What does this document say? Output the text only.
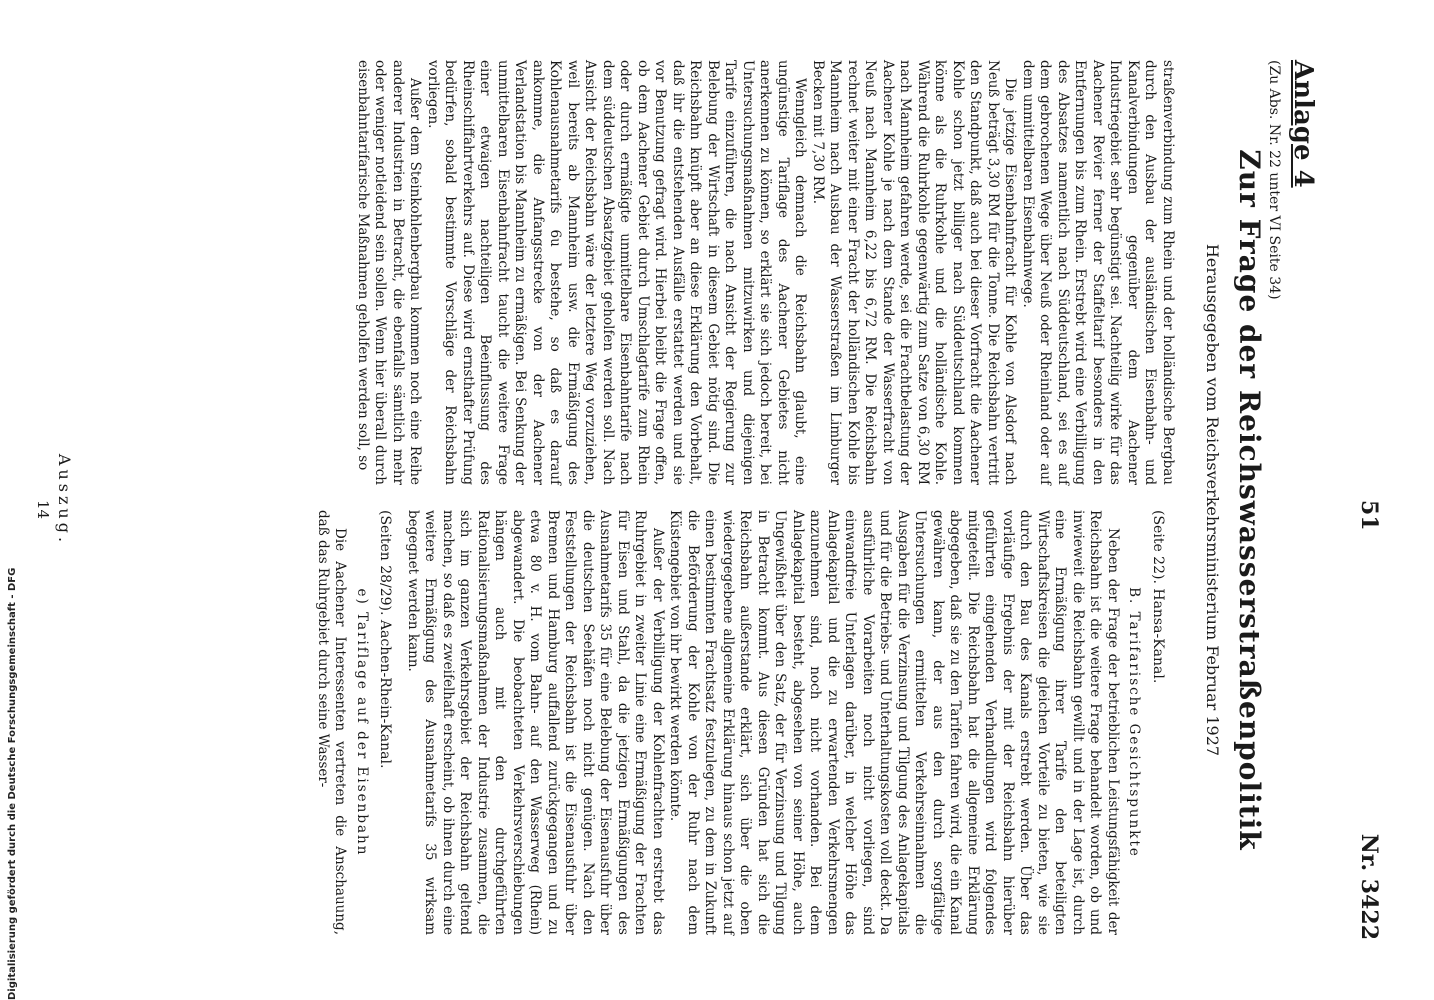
Nr. 3422
51
Anlage 4
(Zu Abs. Nr. 22 unter VI Seite 34)
Zur Frage der Reichswasserstraßenpolitik
Herausgegeben vom Reichsverkehrsministerium Februar 1927

straßenverbindung zum Rhein und der holländische Bergbau durch den Ausbau der ausländischen Eisenbahn- und Kanalverbindungen gegenüber dem Aachener Industriegebiet sehr begünstigt sei. Nachteilig wirke für das Aachener Revier ferner der Staffeltarif besonders in den Entfernungen bis zum Rhein. Erstrebt wird eine Verbilligung des Absatzes namentlich nach Süddeutschland, sei es auf dem gebrochenen Wege über Neuß oder Rheinland oder auf dem unmittelbaren Eisenbahnwege.

Die jetzige Eisenbahnfracht für Kohle von Alsdorf nach Neuß beträgt 3,30 RM für die Tonne. Die Reichsbahn vertritt den Standpunkt, daß auch bei dieser Vorfracht die Aachener Kohle schon jetzt billiger nach Süddeutschland kommen könne als die Ruhrkohle und die holländische Kohle. Während die Ruhrkohle gegenwärtig zum Satze von 6,30 RM nach Mannheim gefahren werde, sei die Frachtbelastung der Aachener Kohle je nach dem Stande der Wasserfracht von Neuß nach Mannheim 6,22 bis 6,72 RM. Die Reichsbahn rechnet weiter mit einer Fracht der holländischen Kohle bis Mannheim nach Ausbau der Wasserstraßen im Limburger Becken mit 7,30 RM.

Wenngleich demnach die Reichsbahn glaubt, eine ungünstige Tariflage des Aachener Gebietes nicht anerkennen zu können, so erklärt sie sich jedoch bereit, bei Untersuchungsmaßnahmen mitzuwirken und diejenigen Tarife einzuführen, die nach Ansicht der Regierung zur Belebung der Wirtschaft in diesem Gebiet nötig sind. Die Reichsbahn knüpft aber an diese Erklärung den Vorbehalt, daß ihr die entstehenden Ausfälle erstattet werden und sie vor Benutzung gefragt wird. Hierbei bleibt die Frage offen, ob dem Aachener Gebiet durch Umschlagtarife zum Rhein oder durch ermäßigte unmittelbare Eisenbahntarife nach dem süddeutschen Absatzgebiet geholfen werden soll. Nach Ansicht der Reichsbahn wäre der letztere Weg vorzuziehen, weil bereits ab Mannheim usw. die Ermäßigung des Kohlenausnahmetarifs 6u bestehe, so daß es darauf ankomme, die Anfangsstrecke von der Aachener Verlandstation bis Mannheim zu ermäßigen. Bei Senkung der unmittelbaren Eisenbahnfracht taucht die weitere Frage einer etwaigen nachteiligen Beeinflussung des Rheinschiffahrtverkehrs auf. Diese wird ernsthafter Prüfung bedürfen, sobald bestimmte Vorschläge der Reichsbahn vorliegen.

Außer dem Steinkohlenbergbau kommen noch eine Reihe anderer Industrien in Betracht, die ebenfalls sämtlich mehr oder weniger notleidend sein sollen. Wenn hier überall durch eisenbahntarifarische Maßnahmen geholfen werden soll, so

(Seite 22). Hansa-Kanal.
B. Tarifarische Gesichtspunkte

Neben der Frage der betrieblichen Leistungsfähigkeit der Reichsbahn ist die weitere Frage behandelt worden, ob und inwieweit die Reichsbahn gewillt und in der Lage ist, durch eine Ermäßigung ihrer Tarife den beteiligten Wirtschaftskreisen die gleichen Vorteile zu bieten, wie sie durch den Bau des Kanals erstrebt werden. Über das vorläufige Ergebnis der mit der Reichsbahn hierüber geführten eingehenden Verhandlungen wird folgendes mitgeteilt. Die Reichsbahn hat die allgemeine Erklärung abgegeben, daß sie zu den Tarifen fahren wird, die ein Kanal gewähren kann, der aus den durch sorgfältige Untersuchungen ermittelten Verkehrseinnahmen die Ausgaben für die Verzinsung und Tilgung des Anlagekapitals und für die Betriebs- und Unterhaltungskosten voll deckt. Da ausführliche Vorarbeiten noch nicht vorliegen, sind einwandfreie Unterlagen darüber, in welcher Höhe das Anlagekapital und die zu erwartenden Verkehrsmengen anzunehmen sind, noch nicht vorhanden. Bei dem Anlagekapital besteht, abgesehen von seiner Höhe, auch Ungewißheit über den Satz, der für Verzinsung und Tilgung in Betracht kommt. Aus diesen Gründen hat sich die Reichsbahn außerstande erklärt, sich über die oben wiedergegebene allgemeine Erklärung hinaus schon jetzt auf einen bestimmten Frachtsatz festzulegen, zu dem in Zukunft die Beförderung der Kohle von der Ruhr nach dem Küstengebiet von ihr bewirkt werden könnte.

Außer der Verbilligung der Kohlenfrachten erstrebt das Ruhrgebiet in zweiter Linie eine Ermäßigung der Frachten für Eisen und Stahl, da die jetzigen Ermäßigungen des Ausnahmetarifs 35 für eine Belebung der Eisenausfuhr über die deutschen Seehäfen noch nicht genügen. Nach den Feststellungen der Reichsbahn ist die Eisenausfuhr über Bremen und Hamburg auffallend zurückgegangen und zu etwa 80 v. H. vom Bahn- auf den Wasserweg (Rhein) abgewandert. Die beobachteten Verkehrsverschiebungen hängen auch mit den durchgeführten Rationalisierungsmaßnahmen der Industrie zusammen, die sich im ganzen Verkehrsgebiet der Reichsbahn geltend machen, so daß es zweifelhaft erscheint, ob ihnen durch eine weitere Ermäßigung des Ausnahmetarifs 35 wirksam begegnet werden kann.

(Seiten 28/29). Aachen-Rhein-Kanal.
e) Tariflage auf der Eisenbahn

Die Aachener Interessenten vertreten die Anschauung, daß das Ruhrgebiet durch seine Wasser-

Auszug.
14
Digitalisierung gefördert durch die Deutsche Forschungsgemeinschaft - DFG
